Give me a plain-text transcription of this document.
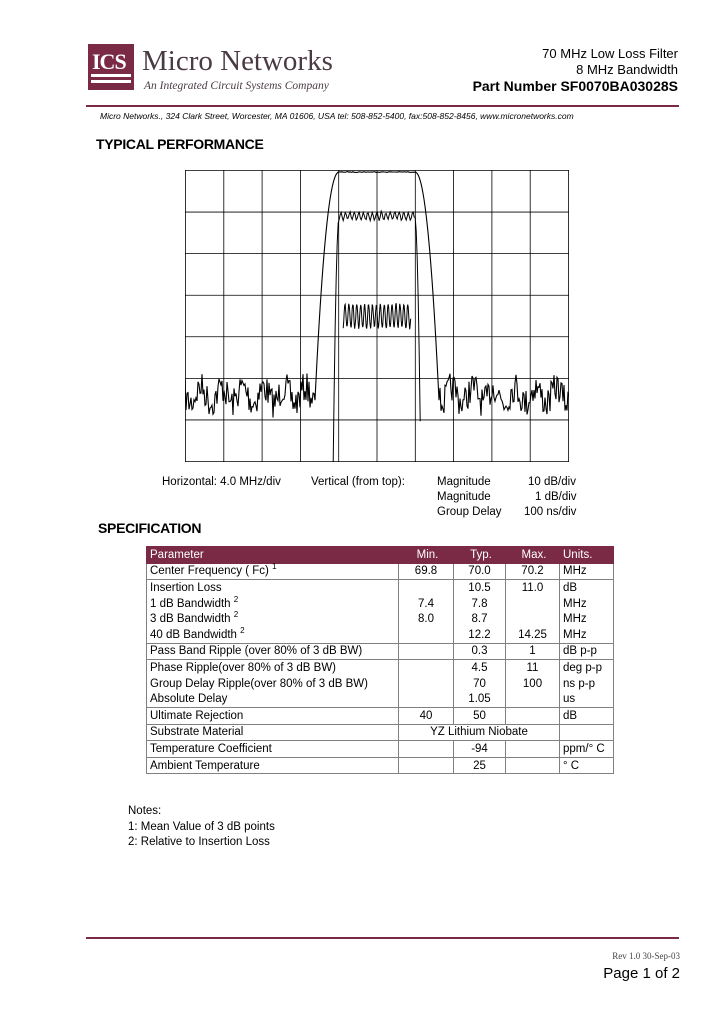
ICS Micro Networks
An Integrated Circuit Systems Company
70 MHz Low Loss Filter
8 MHz Bandwidth
Part Number SF0070BA03028S
Micro Networks., 324 Clark Street, Worcester, MA 01606, USA tel: 508-852-5400, fax:508-852-8456, www.micronetworks.com
TYPICAL PERFORMANCE
Horizontal: 4.0 MHz/div	Vertical (from top):	Magnitude
Magnitude
Group Delay
10 dB/div
1 dB/div
100 ns/div
SPECIFICATION
Parameter	Min.	Typ.	Max.	Units.
Center Frequency ( Fc) $^1$	69.8	70.0	70.2	MHz
Insertion Loss		10.5	11.0	dB
1 dB Bandwidth $^2$	7.4	7.8		MHz
3 dB Bandwidth $^2$	8.0	8.7		MHz
40 dB Bandwidth $^2$		12.2	14.25	MHz
Pass Band Ripple (over 80% of 3 dB BW)		0.3	1	dB p-p
Phase Ripple(over 80% of 3 dB BW)		4.5	11	deg p-p
Group Delay Ripple(over 80% of 3 dB BW)		70	100	ns p-p
Absolute Delay		1.05		us
Ultimate Rejection	40	50		dB
Substrate Material	YZ Lithium Niobate			
Temperature Coefficient		-94		ppm/° C
Ambient Temperature		25		° C
Notes:
1: Mean Value of 3 dB points
2: Relative to Insertion Loss
Rev 1.0 30-Sep-03
Page 1 of 2
